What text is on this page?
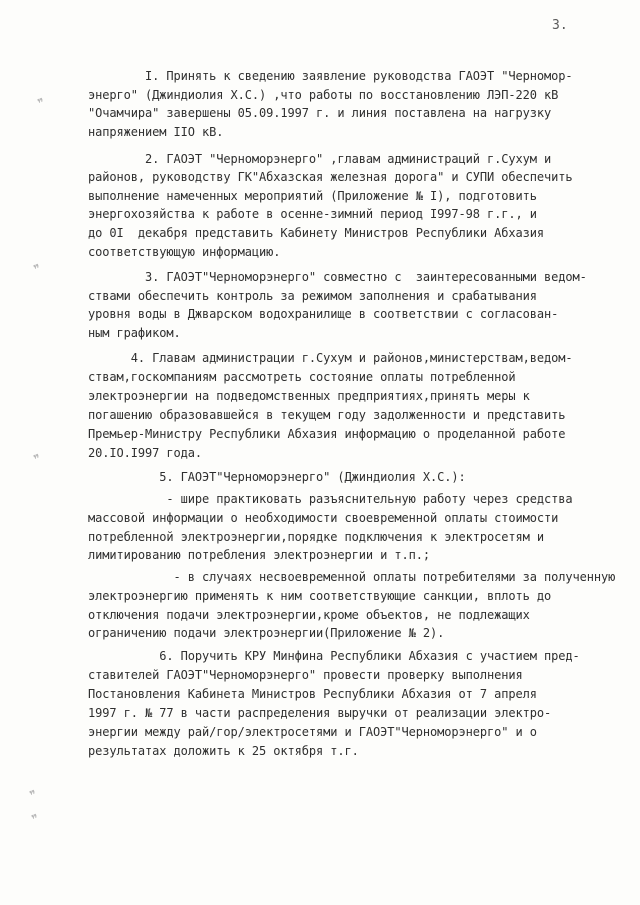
❞
❞
❞
❞
❞
3.
I. Принять к сведению заявление руководства ГАОЭТ "Черномор-
энерго" (Джиндиолия Х.С.) ,что работы по восстановлению ЛЭП-220 кВ
"Очамчира" завершены 05.09.1997 г. и линия поставлена на нагрузку
напряжением IIO кВ.
2. ГАОЭТ "Черноморэнерго" ,главам администраций г.Сухум и
районов, руководству ГК"Абхазская железная дорога" и СУПИ обеспечить
выполнение намеченных мероприятий (Приложение № I), подготовить
энергохозяйства к работе в осенне-зимний период I997-98 г.г., и
до 0I  декабря представить Кабинету Министров Республики Абхазия
соответствующую информацию.
3. ГАОЭТ"Черноморэнерго" совместно с  заинтересованными ведом-
ствами обеспечить контроль за режимом заполнения и срабатывания
уровня воды в Джварском водохранилище в соответствии с согласован-
ным графиком.
4. Главам администрации г.Сухум и районов,министерствам,ведом-
ствам,госкомпаниям рассмотреть состояние оплаты потребленной
электроэнергии на подведомственных предприятиях,принять меры к
погашению образовавшейся в текущем году задолженности и представить
Премьер-Министру Республики Абхазия информацию о проделанной работе
20.IO.I997 года.
5. ГАОЭТ"Черноморэнерго" (Джиндиолия Х.С.):
- шире практиковать разъяснительную работу через средства
массовой информации о необходимости своевременной оплаты стоимости
потребленной электроэнергии,порядке подключения к электросетям и
лимитированию потребления электроэнергии и т.п.;
- в случаях несвоевременной оплаты потребителями за полученную
электроэнергию применять к ним соответствующие санкции, вплоть до
отключения подачи электроэнергии,кроме объектов, не подлежащих
ограничению подачи электроэнергии(Приложение № 2).
6. Поручить КРУ Минфина Республики Абхазия с участием пред-
ставителей ГАОЭТ"Черноморэнерго" провести проверку выполнения
Постановления Кабинета Министров Республики Абхазия от 7 апреля
1997 г. № 77 в части распределения выручки от реализации электро-
энергии между рай/гор/электросетями и ГАОЭТ"Черноморэнерго" и о
результатах доложить к 25 октября т.г.
